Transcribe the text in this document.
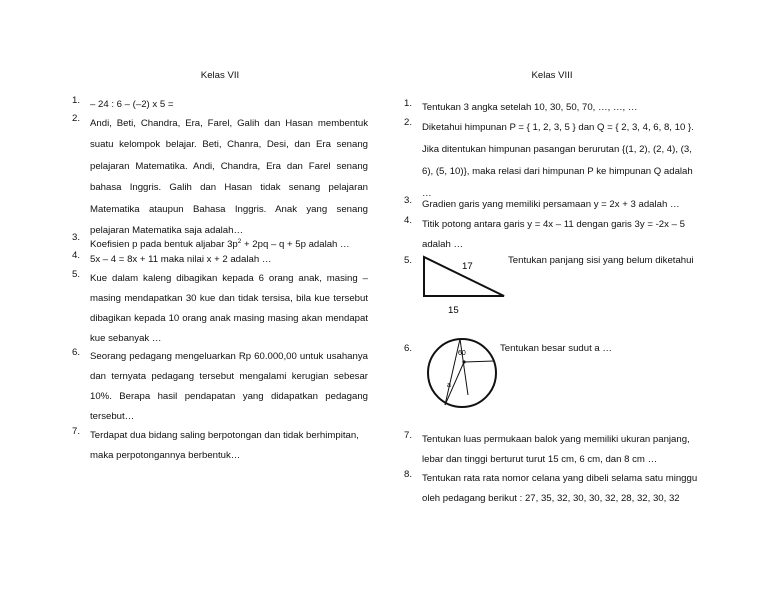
Kelas VII
1. – 24 : 6 – (–2) x 5 =
2. Andi, Beti, Chandra, Era, Farel, Galih dan Hasan membentuk suatu kelompok belajar. Beti, Chanra, Desi, dan Era senang pelajaran Matematika. Andi, Chandra, Era dan Farel senang bahasa Inggris. Galih dan Hasan tidak senang pelajaran Matematika ataupun Bahasa Inggris. Anak yang senang pelajaran Matematika saja adalah…
3.
Koefisien p pada bentuk aljabar $3p^2 + 2pq - q + 5p$ adalah …
4. 5x – 4 = 8x + 11 maka nilai x + 2 adalah …
5. Kue dalam kaleng dibagikan kepada 6 orang anak, masing – masing mendapatkan 30 kue dan tidak tersisa, bila kue tersebut dibagikan kepada 10 orang anak masing masing akan mendapat kue sebanyak …
6. Seorang pedagang mengeluarkan Rp 60.000,00 untuk usahanya dan ternyata pedagang tersebut mengalami kerugian sebesar 10%. Berapa hasil pendapatan yang didapatkan pedagang tersebut…
7. Terdapat dua bidang saling berpotongan dan tidak berhimpitan, maka perpotongannya berbentuk…
Kelas VIII
1. Tentukan 3 angka setelah 10, 30, 50, 70, …, …, …
2. Diketahui himpunan P = { 1, 2, 3, 5 } dan Q = { 2, 3, 4, 6, 8, 10 }. Jika ditentukan himpunan pasangan berurutan {(1, 2), (2, 4), (3, 6), (5, 10)}, maka relasi dari himpunan P ke himpunan Q adalah …
3. Gradien garis yang memiliki persamaan y = 2x + 3 adalah …
4. Titik potong antara garis y = 4x – 11 dengan garis 3y = -2x – 5 adalah …
5.
17
15
Tentukan panjang sisi yang belum diketahui
6.	60
a
Tentukan besar sudut a …
7. Tentukan luas permukaan balok yang memiliki ukuran panjang, lebar dan tinggi berturut turut 15 cm, 6 cm, dan 8 cm …
8. Tentukan rata rata nomor celana yang dibeli selama satu minggu oleh pedagang berikut : 27, 35, 32, 30, 30, 32, 28, 32, 30, 32
